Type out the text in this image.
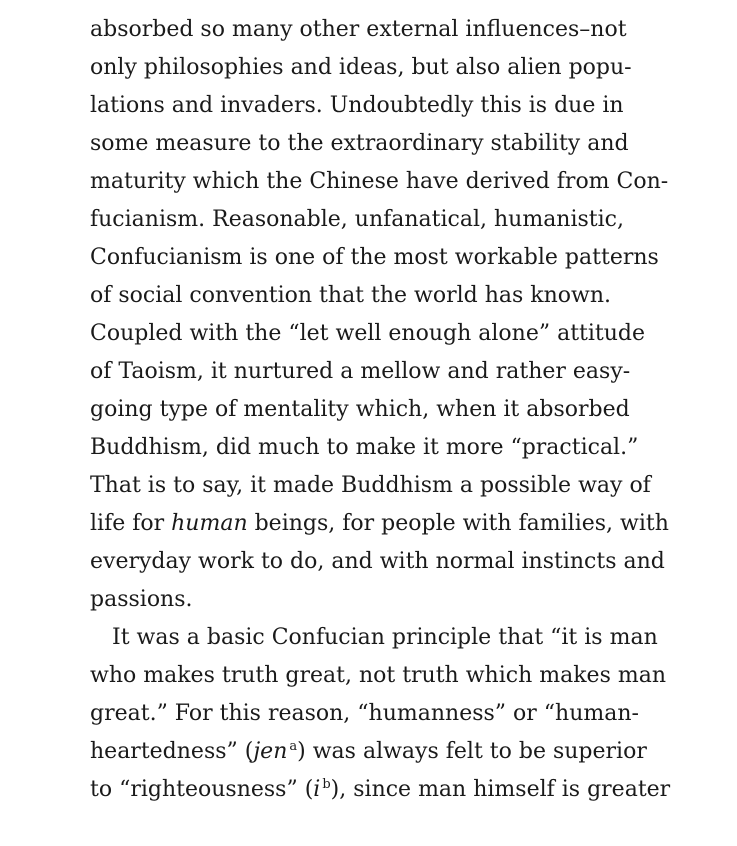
absorbed so many other external influences–not
only philosophies and ideas, but also alien popu-
lations and invaders. Undoubtedly this is due in
some measure to the extraordinary stability and
maturity which the Chinese have derived from Con-
fucianism. Reasonable, unfanatical, humanistic,
Confucianism is one of the most workable patterns
of social convention that the world has known.
Coupled with the “let well enough alone” attitude
of Taoism, it nurtured a mellow and rather easy-
going type of mentality which, when it absorbed
Buddhism, did much to make it more “practical.”
That is to say, it made Buddhism a possible way of
life for human beings, for people with families, with
everyday work to do, and with normal instincts and
passions.
It was a basic Confucian principle that “it is man
who makes truth great, not truth which makes man
great.” For this reason, “humanness” or “human-
heartedness” (jen $^a$) was always felt to be superior
to “righteousness” (i $^b$), since man himself is greater
